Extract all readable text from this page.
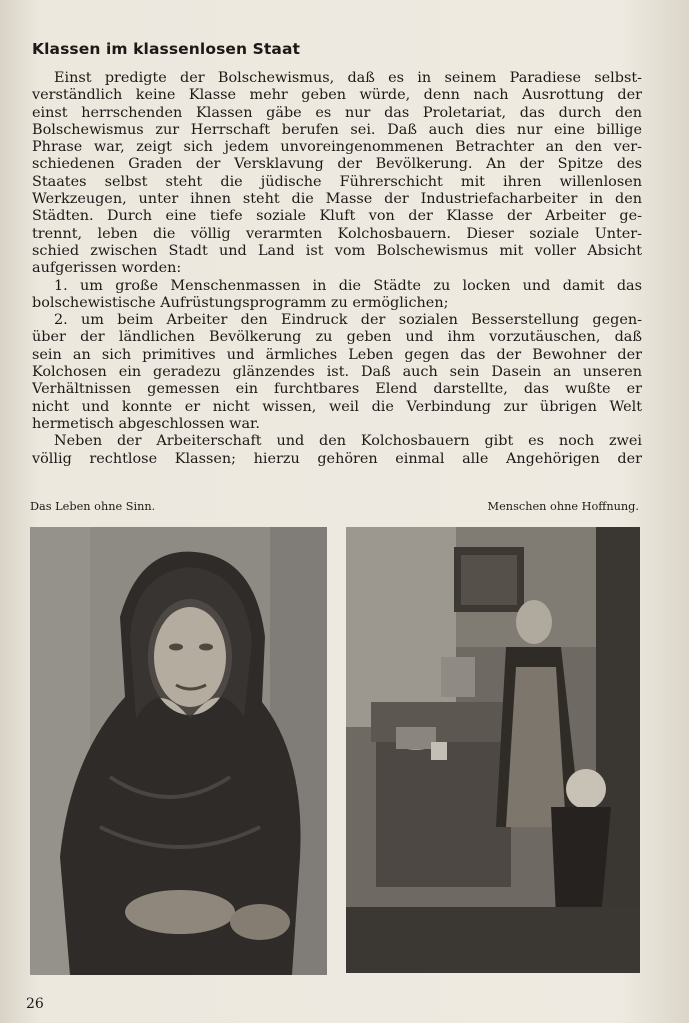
Klassen im klassenlosen Staat
Einst predigte der Bolschewismus, daß es in seinem Paradiese selbst-
verständlich keine Klasse mehr geben würde, denn nach Ausrottung der
einst herrschenden Klassen gäbe es nur das Proletariat, das durch den
Bolschewismus zur Herrschaft berufen sei. Daß auch dies nur eine billige
Phrase war, zeigt sich jedem unvoreingenommenen Betrachter an den ver-
schiedenen Graden der Versklavung der Bevölkerung. An der Spitze des
Staates selbst steht die jüdische Führerschicht mit ihren willenlosen
Werkzeugen, unter ihnen steht die Masse der Industriefacharbeiter in den
Städten. Durch eine tiefe soziale Kluft von der Klasse der Arbeiter ge-
trennt, leben die völlig verarmten Kolchosbauern. Dieser soziale Unter-
schied zwischen Stadt und Land ist vom Bolschewismus mit voller Absicht
aufgerissen worden:
1. um große Menschenmassen in die Städte zu locken und damit das
bolschewistische Aufrüstungsprogramm zu ermöglichen;
2. um beim Arbeiter den Eindruck der sozialen Besserstellung gegen-
über der ländlichen Bevölkerung zu geben und ihm vorzutäuschen, daß
sein an sich primitives und ärmliches Leben gegen das der Bewohner der
Kolchosen ein geradezu glänzendes ist. Daß auch sein Dasein an unseren
Verhältnissen gemessen ein furchtbares Elend darstellte, das wußte er
nicht und konnte er nicht wissen, weil die Verbindung zur übrigen Welt
hermetisch abgeschlossen war.
Neben der Arbeiterschaft und den Kolchosbauern gibt es noch zwei
völlig rechtlose Klassen; hierzu gehören einmal alle Angehörigen der
Das Leben ohne Sinn.	Menschen ohne Hoffnung.
26
